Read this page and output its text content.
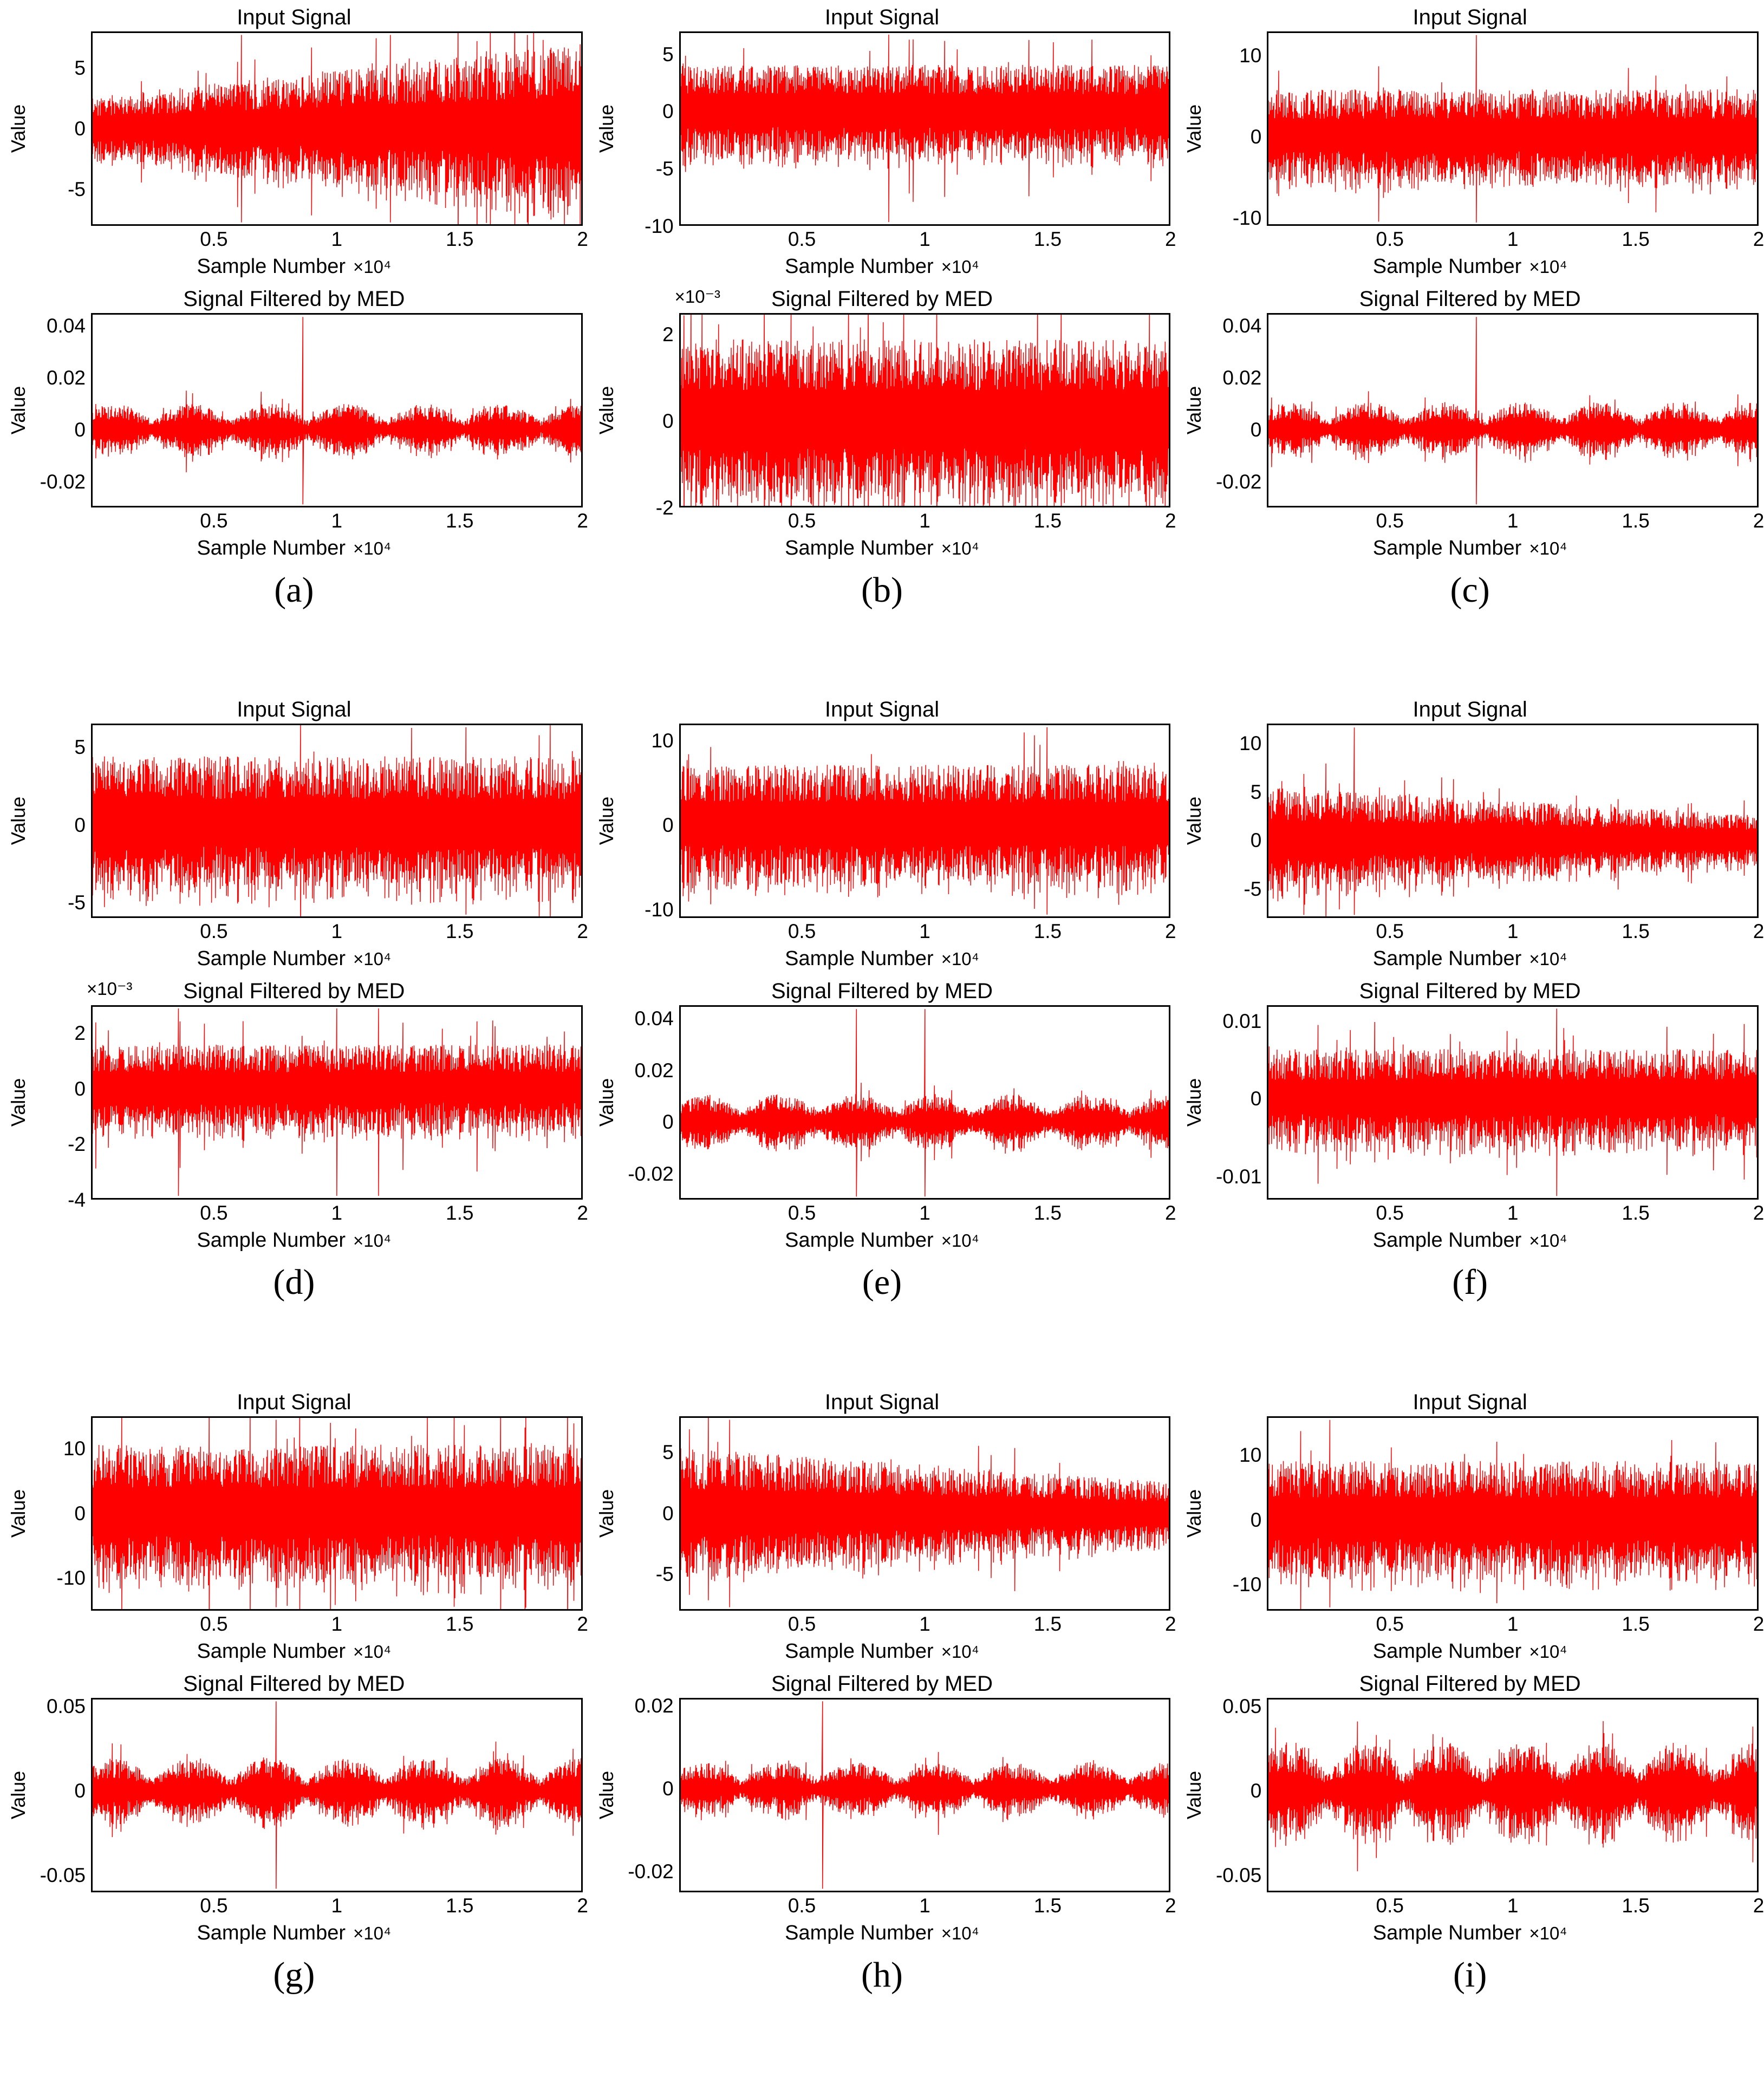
Input Signal
Value
-5
0
5
0.5	1	1.5	2
Sample Number ×10⁴
Signal Filtered by MED
Value
0.04
0.02
0
-0.02
0.5	1	1.5	2
Sample Number ×10⁴
(a)
Input Signal
Value
5
0
-5
-10
0.5	1	1.5	2
Sample Number ×10⁴
×10⁻³	Signal Filtered by MED
Value
2
0
-2
0.5	1	1.5	2
Sample Number ×10⁴
(b)
Input Signal
Value
10
0
-10
0.5	1	1.5	2
Sample Number ×10⁴
Signal Filtered by MED
Value
0.04
0.02
0
-0.02
0.5	1	1.5	2
Sample Number ×10⁴
(c)
Input Signal
Value
5
0
-5
0.5	1	1.5	2
Sample Number ×10⁴
×10⁻³	Signal Filtered by MED
Value
2
0
-2
-4
0.5	1	1.5	2
Sample Number ×10⁴
(d)
Input Signal
Value
10
0
-10
0.5	1	1.5	2
Sample Number ×10⁴
Signal Filtered by MED
Value
0.04
0.02
0
-0.02
0.5	1	1.5	2
Sample Number ×10⁴
(e)
Input Signal
Value
10
5
0
-5
0.5	1	1.5	2
Sample Number ×10⁴
Signal Filtered by MED
Value
0.01
0
-0.01
0.5	1	1.5	2
Sample Number ×10⁴
(f)
Input Signal
Value
10
0
-10
0.5	1	1.5	2
Sample Number ×10⁴
Signal Filtered by MED
Value
0.05
0
-0.05
0.5	1	1.5	2
Sample Number ×10⁴
(g)
Input Signal
Value
5
0
-5
0.5	1	1.5	2
Sample Number ×10⁴
Signal Filtered by MED
Value
0.02
0
-0.02
0.5	1	1.5	2
Sample Number ×10⁴
(h)
Input Signal
Value
10
0
-10
0.5	1	1.5	2
Sample Number ×10⁴
Signal Filtered by MED
Value
0.05
0
-0.05
0.5	1	1.5	2
Sample Number ×10⁴
(i)
